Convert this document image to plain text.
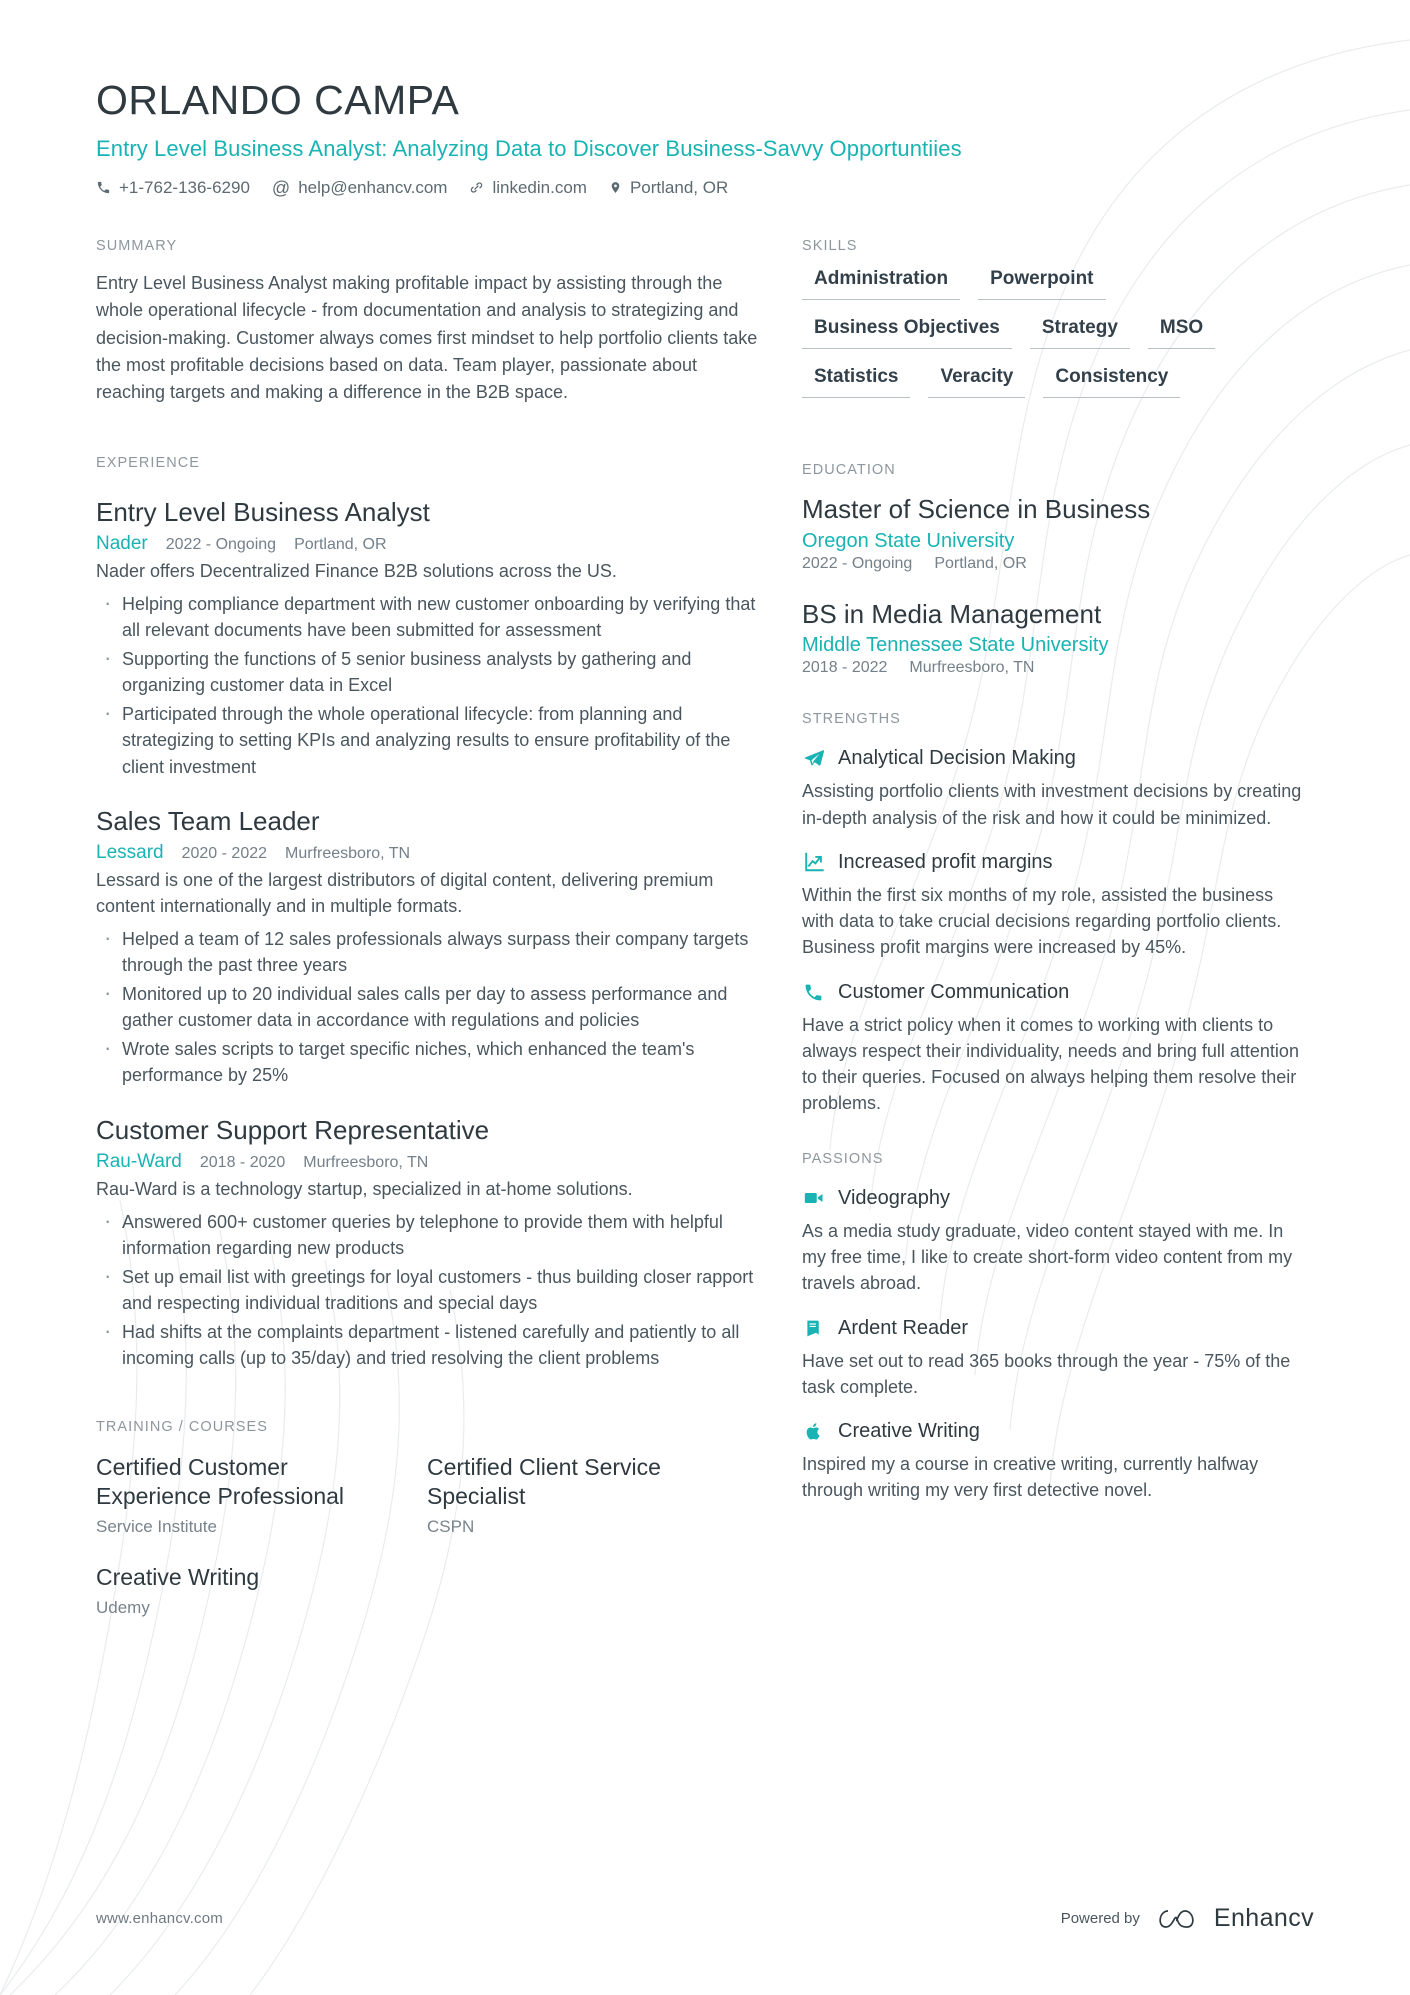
ORLANDO CAMPA
Entry Level Business Analyst: Analyzing Data to Discover Business-Savvy Opportuntiies
+1-762-136-6290 @ help@enhancv.com	linkedin.com	Portland, OR
SUMMARY

Entry Level Business Analyst making profitable impact by assisting through the whole operational lifecycle - from documentation and analysis to strategizing and decision-making. Customer always comes first mindset to help portfolio clients take the most profitable decisions based on data. Team player, passionate about reaching targets and making a difference in the B2B space.

EXPERIENCE
Entry Level Business Analyst
Nader 2022 - Ongoing Portland, OR
Nader offers Decentralized Finance B2B solutions across the US.
· Helping compliance department with new customer onboarding by verifying that all relevant documents have been submitted for assessment
· Supporting the functions of 5 senior business analysts by gathering and organizing customer data in Excel
· Participated through the whole operational lifecycle: from planning and strategizing to setting KPIs and analyzing results to ensure profitability of the client investment
Sales Team Leader
Lessard 2020 - 2022 Murfreesboro, TN
Lessard is one of the largest distributors of digital content, delivering premium content internationally and in multiple formats.
· Helped a team of 12 sales professionals always surpass their company targets through the past three years
· Monitored up to 20 individual sales calls per day to assess performance and gather customer data in accordance with regulations and policies
· Wrote sales scripts to target specific niches, which enhanced the team's performance by 25%
Customer Support Representative
Rau-Ward 2018 - 2020 Murfreesboro, TN
Rau-Ward is a technology startup, specialized in at-home solutions.
· Answered 600+ customer queries by telephone to provide them with helpful information regarding new products
· Set up email list with greetings for loyal customers - thus building closer rapport and respecting individual traditions and special days
· Had shifts at the complaints department - listened carefully and patiently to all incoming calls (up to 35/day) and tried resolving the client problems
TRAINING / COURSES
Certified Customer Experience Professional
Service Institute
Certified Client Service Specialist
CSPN
Creative Writing
Udemy
SKILLS
Administration	Powerpoint
Business Objectives	Strategy	MSO
Statistics	Veracity	Consistency
EDUCATION
Master of Science in Business
Oregon State University
2022 - Ongoing Portland, OR
BS in Media Management
Middle Tennessee State University
2018 - 2022 Murfreesboro, TN
STRENGTHS
Analytical Decision Making
Assisting portfolio clients with investment decisions by creating in-depth analysis of the risk and how it could be minimized.
Increased profit margins
Within the first six months of my role, assisted the business with data to take crucial decisions regarding portfolio clients. Business profit margins were increased by 45%.
Customer Communication
Have a strict policy when it comes to working with clients to always respect their individuality, needs and bring full attention to their queries. Focused on always helping them resolve their problems.
PASSIONS
Videography
As a media study graduate, video content stayed with me. In my free time, I like to create short-form video content from my travels abroad.
Ardent Reader
Have set out to read 365 books through the year - 75% of the task complete.
Creative Writing
Inspired my a course in creative writing, currently halfway through writing my very first detective novel.
www.enhancv.com	Powered by	Enhancv
